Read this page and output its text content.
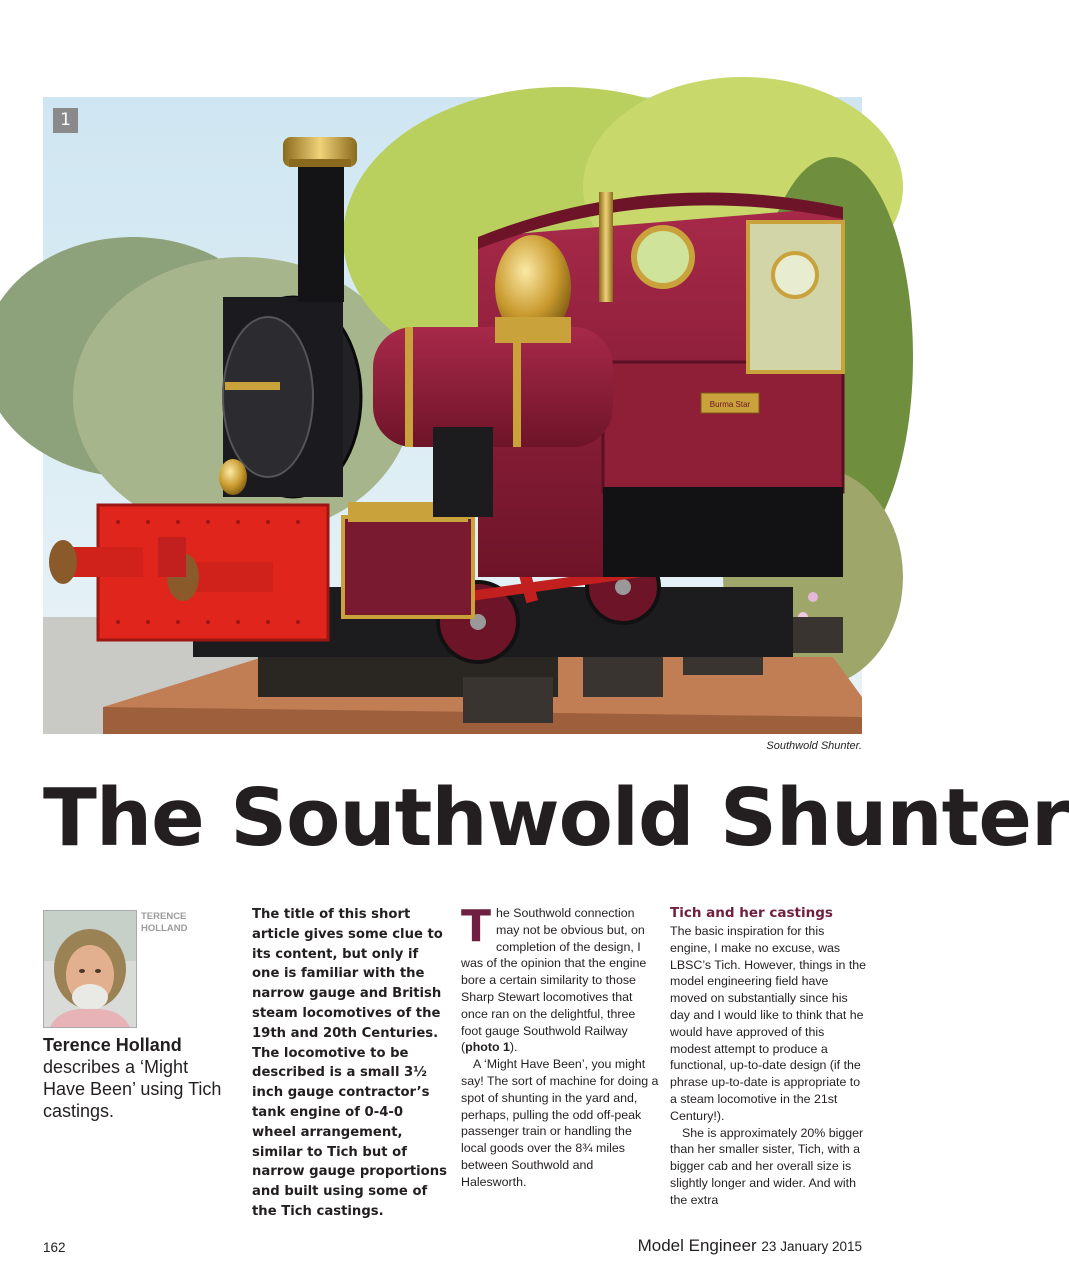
Burma Star
1
Southwold Shunter.
The Southwold Shunter
TERENCE
HOLLAND
Terence Holland
describes a ‘Might Have Been’ using Tich castings.

The title of this short article gives some clue to its content, but only if one is familiar with the narrow gauge and British steam locomotives of the 19th and 20th Centuries. The locomotive to be described is a small 3½ inch gauge contractor’s tank engine of 0-4-0 wheel arrangement, similar to Tich but of narrow gauge proportions and built using some of the Tich castings.

The Southwold connection may not be obvious but, on completion of the design, I was of the opinion that the engine bore a certain similarity to those Sharp Stewart locomotives that once ran on the delightful, three foot gauge Southwold Railway (photo 1).

A ‘Might Have Been’, you might say! The sort of machine for doing a spot of shunting in the yard and, perhaps, pulling the odd off-peak passenger train or handling the local goods over the 8¾ miles between Southwold and Halesworth.

Tich and her castings

The basic inspiration for this engine, I make no excuse, was LBSC’s Tich. However, things in the model engineering field have moved on substantially since his day and I would like to think that he would have approved of this modest attempt to produce a functional, up-to-date design (if the phrase up-to-date is appropriate to a steam locomotive in the 21st Century!).

She is approximately 20% bigger than her smaller sister, Tich, with a bigger cab and her overall size is slightly longer and wider. And with the extra

162	Model Engineer 23 January 2015
